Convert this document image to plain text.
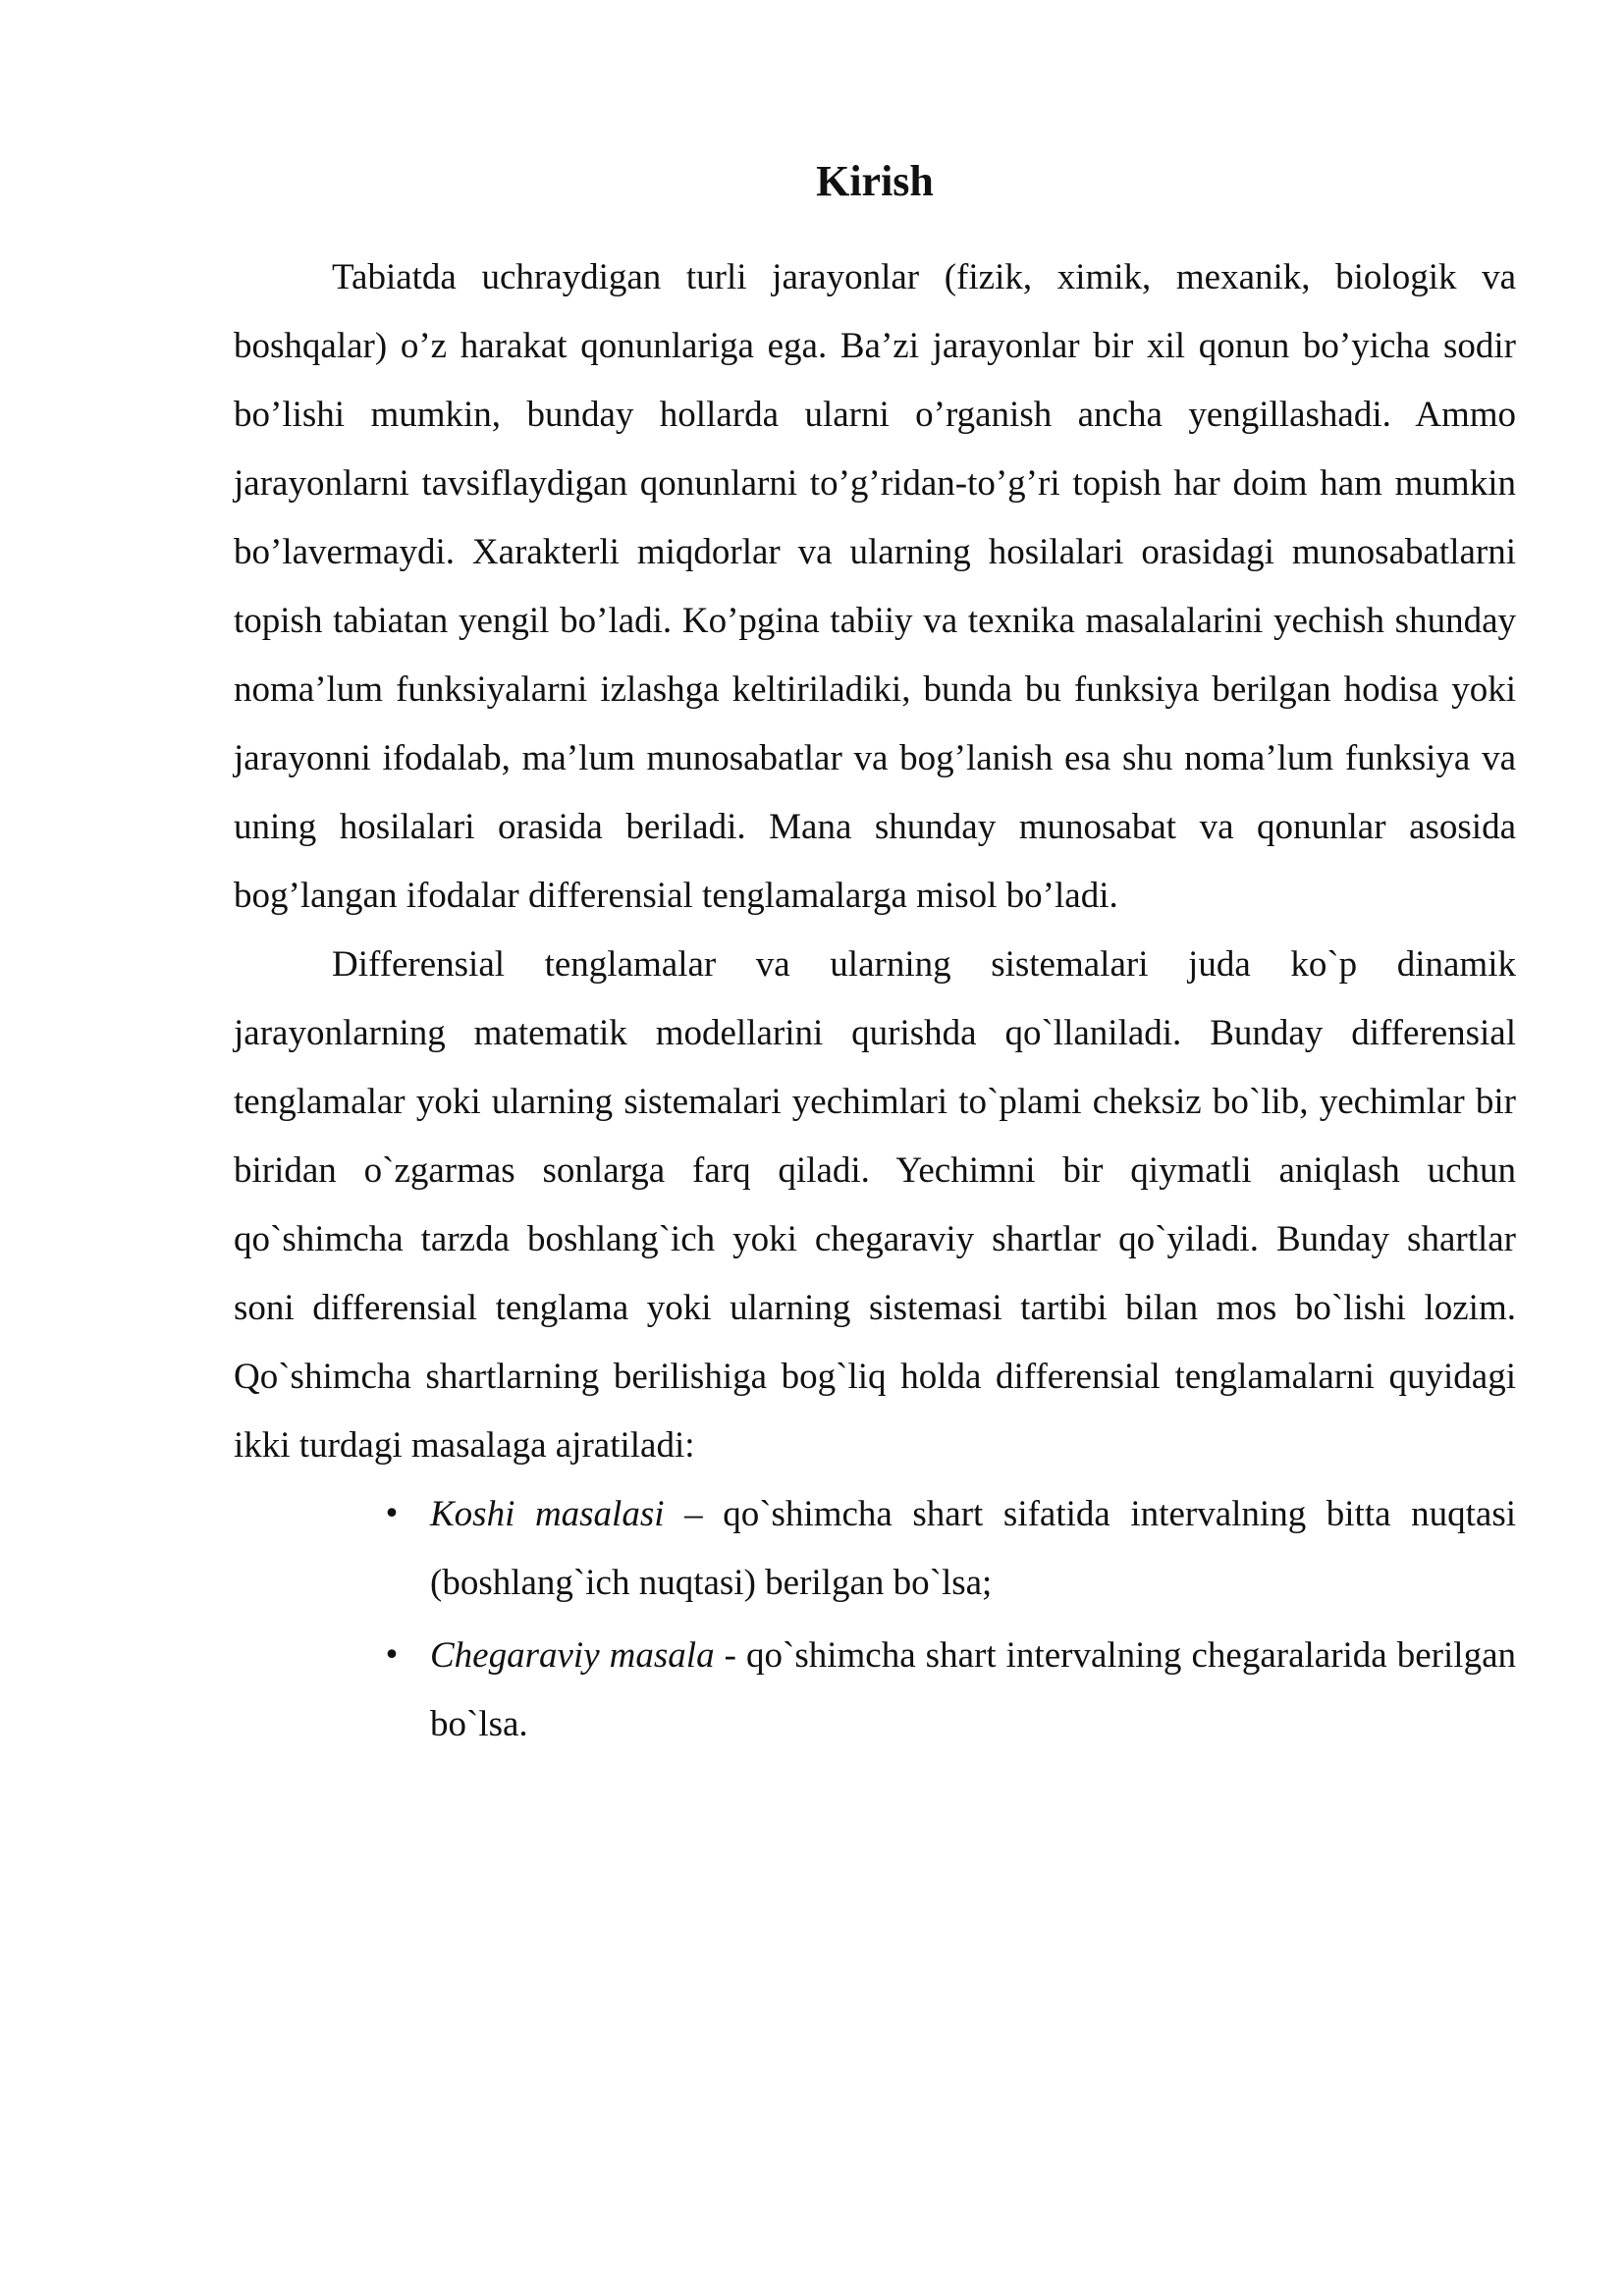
Kirish

Tabiatda uchraydigan turli jarayonlar (fizik, ximik, mexanik, biologik va boshqalar) o’z harakat qonunlariga ega. Ba’zi jarayonlar bir xil qonun bo’yicha sodir bo’lishi mumkin, bunday hollarda ularni o’rganish ancha yengillashadi. Ammo jarayonlarni tavsiflaydigan qonunlarni to’g’ridan-to’g’ri topish har doim ham mumkin bo’lavermaydi. Xarakterli miqdorlar va ularning hosilalari orasidagi munosabatlarni topish tabiatan yengil bo’ladi. Ko’pgina tabiiy va texnika masalalarini yechish shunday noma’lum funksiyalarni izlashga keltiriladiki, bunda bu funksiya berilgan hodisa yoki jarayonni ifodalab, ma’lum munosabatlar va bog’lanish esa shu noma’lum funksiya va uning hosilalari orasida beriladi. Mana shunday munosabat va qonunlar asosida bog’langan ifodalar differensial tenglamalarga misol bo’ladi.

Differensial tenglamalar va ularning sistemalari juda ko`p dinamik jarayonlarning matematik modellarini qurishda qo`llaniladi. Bunday differensial tenglamalar yoki ularning sistemalari yechimlari to`plami cheksiz bo`lib, yechimlar bir biridan o`zgarmas sonlarga farq qiladi. Yechimni bir qiymatli aniqlash uchun qo`shimcha tarzda boshlang`ich yoki chegaraviy shartlar qo`yiladi. Bunday shartlar soni differensial tenglama yoki ularning sistemasi tartibi bilan mos bo`lishi lozim. Qo`shimcha shartlarning berilishiga bog`liq holda differensial tenglamalarni quyidagi ikki turdagi masalaga ajratiladi:

• Koshi masalasi – qo`shimcha shart sifatida intervalning bitta nuqtasi (boshlang`ich nuqtasi) berilgan bo`lsa;
• Chegaraviy masala - qo`shimcha shart intervalning chegaralarida berilgan bo`lsa.
